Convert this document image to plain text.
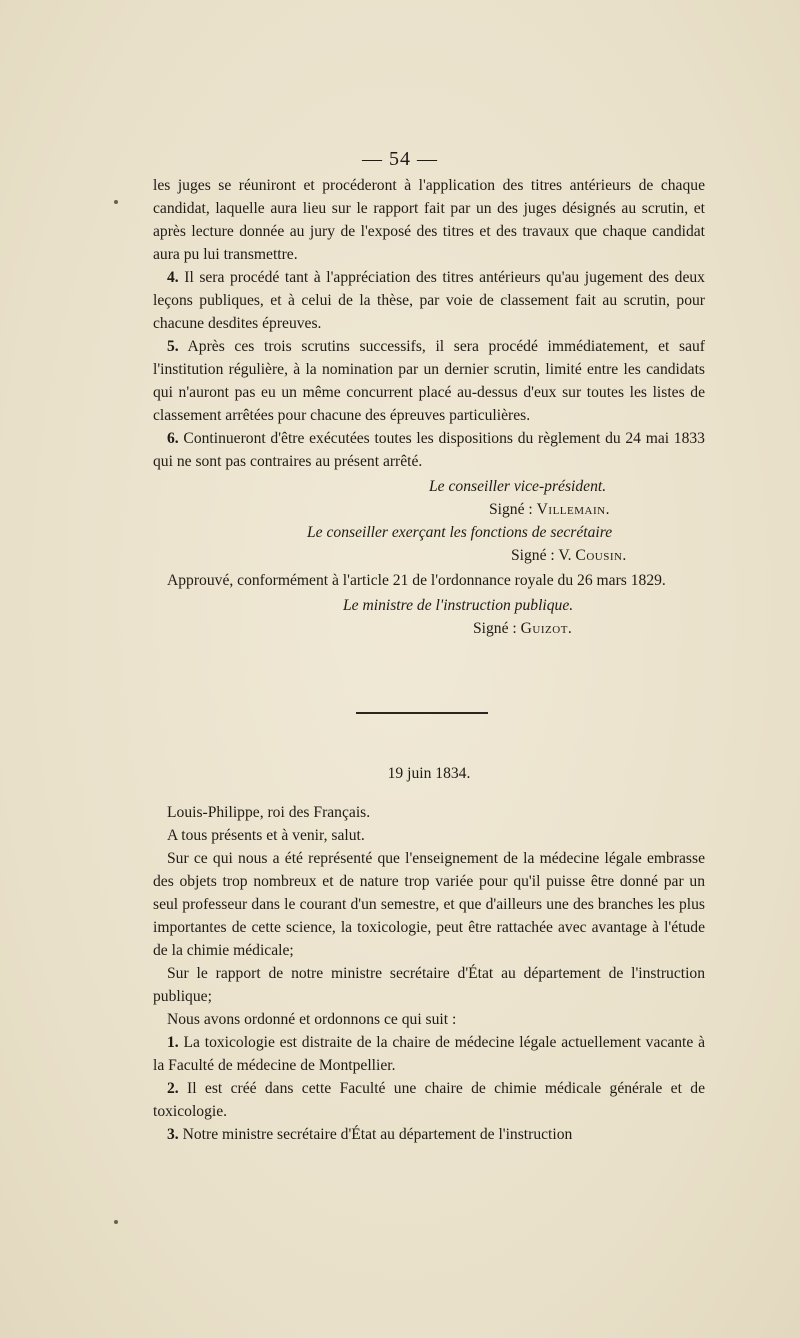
— 54 —

les juges se réuniront et procéderont à l'application des titres antérieurs de chaque candidat, laquelle aura lieu sur le rapport fait par un des juges désignés au scrutin, et après lecture donnée au jury de l'exposé des titres et des travaux que chaque candidat aura pu lui transmettre.

4. Il sera procédé tant à l'appréciation des titres antérieurs qu'au jugement des deux leçons publiques, et à celui de la thèse, par voie de classement fait au scrutin, pour chacune desdites épreuves.

5. Après ces trois scrutins successifs, il sera procédé immédiatement, et sauf l'institution régulière, à la nomination par un dernier scrutin, limité entre les candidats qui n'auront pas eu un même concurrent placé au-dessus d'eux sur toutes les listes de classement arrêtées pour chacune des épreuves particulières.

6. Continueront d'être exécutées toutes les dispositions du règlement du 24 mai 1833 qui ne sont pas contraires au présent arrêté.

Le conseiller vice-président.
Signé : Villemain.
Le conseiller exerçant les fonctions de secrétaire
Signé : V. Cousin.

Approuvé, conformément à l'article 21 de l'ordonnance royale du 26 mars 1829.

Le ministre de l'instruction publique.
Signé : Guizot.
19 juin 1834.

Louis-Philippe, roi des Français.

A tous présents et à venir, salut.

Sur ce qui nous a été représenté que l'enseignement de la médecine légale embrasse des objets trop nombreux et de nature trop variée pour qu'il puisse être donné par un seul professeur dans le courant d'un semestre, et que d'ailleurs une des branches les plus importantes de cette science, la toxicologie, peut être rattachée avec avantage à l'étude de la chimie médicale;

Sur le rapport de notre ministre secrétaire d'État au département de l'instruction publique;

Nous avons ordonné et ordonnons ce qui suit :

1. La toxicologie est distraite de la chaire de médecine légale actuellement vacante à la Faculté de médecine de Montpellier.

2. Il est créé dans cette Faculté une chaire de chimie médicale générale et de toxicologie.

3. Notre ministre secrétaire d'État au département de l'instruction
